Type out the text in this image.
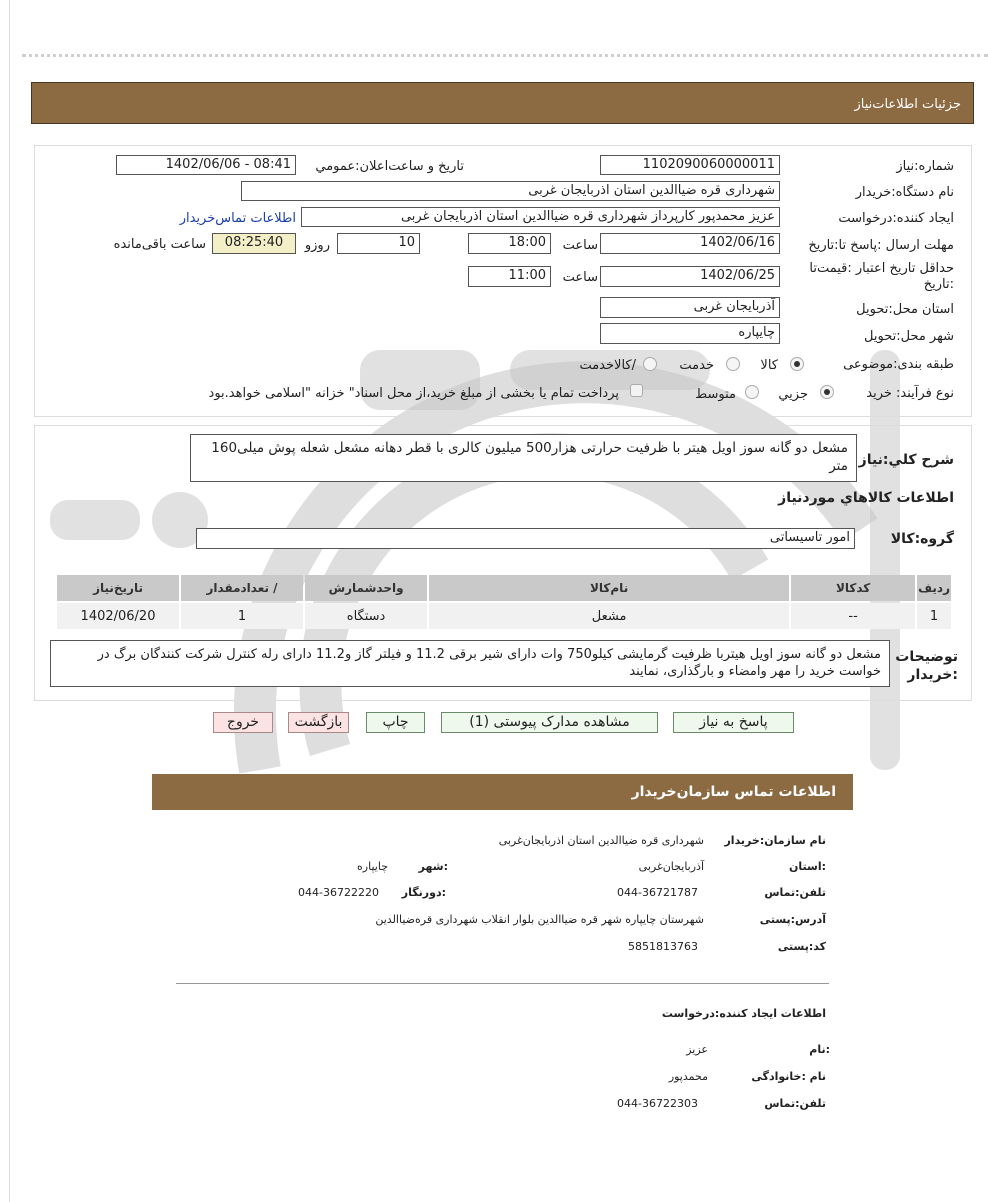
جزئیات اطلاعات‌نیاز
شماره:نیاز
1102090060000011
تاریخ و ساعت‌اعلان:عمومي
1402/06/06 - 08:41
نام دستگاه:خریدار
شهرداری قره ضیاالدین استان اذربایجان غربی
ایجاد کننده:درخواست
عزیز محمدپور کارپرداز شهرداری قره ضیاالدین استان اذربایجان غربی
اطلاعات تماس‌خریدار
مهلت ارسال :پاسخ تا:تاریخ
1402/06/16
ساعت
18:00
10
روزو
08:25:40
ساعت باقی‌مانده
حداقل تاریخ اعتبار :قیمت‌تا :تاریخ
1402/06/25
ساعت
11:00
استان محل:تحویل
آذربایجان غربی
شهر محل:تحویل
چایپاره
طبقه بندی:موضوعی
کالا
خدمت
/کالاخدمت
نوع فرآیند: خرید
جزیي
متوسط
پرداخت تمام یا بخشی از مبلغ خرید،از محل اسناد" خزانه "اسلامی خواهد.بود
شرح کلي:نیاز
مشعل دو گانه سوز اویل هیتر با ظرفیت حرارتی هزار500 میلیون کالری با قطر دهانه مشعل شعله پوش میلی160 متر
اطلاعات کالاهاي مورد‌نیاز
گروه:کالا
امور تاسیساتی
ردیف	کدکالا	نام‌کالا	واحدشمارش	/ تعدادمقدار	تاریخ‌نیاز
1	--	مشعل	دستگاه	1	1402/06/20
توضیحات :خریدار
مشعل دو گانه سوز اویل هیتربا ظرفیت گرمایشی کیلو750 وات دارای شیر برقی 11.2 و فیلتر گاز و11.2 دارای رله کنترل شرکت کنندگان برگ در خواست خرید را مهر وامضاء و بارگذاری، نمایند
پاسخ به نیاز
مشاهده مدارک پیوستی (1)
چاپ
بازگشت
خروج
اطلاعات تماس سازمان‌خریدار
نام سازمان:خریدار
شهرداری قره ضیاالدین استان اذربایجان‌غربی
:استان
آذربایجان‌غربی
:شهر
چایپاره
تلفن:تماس
044-36721787
:دورنگار
044-36722220
آدرس:پستی
شهرستان چایپاره شهر قره ضیاالدین بلوار انقلاب شهرداری قره‌ضیاالدین
کد:پستی
5851813763
اطلاعات ایجاد کننده:درخواست
:نام
عزیز
نام :خانوادگی
محمدپور
تلفن:تماس
044-36722303
